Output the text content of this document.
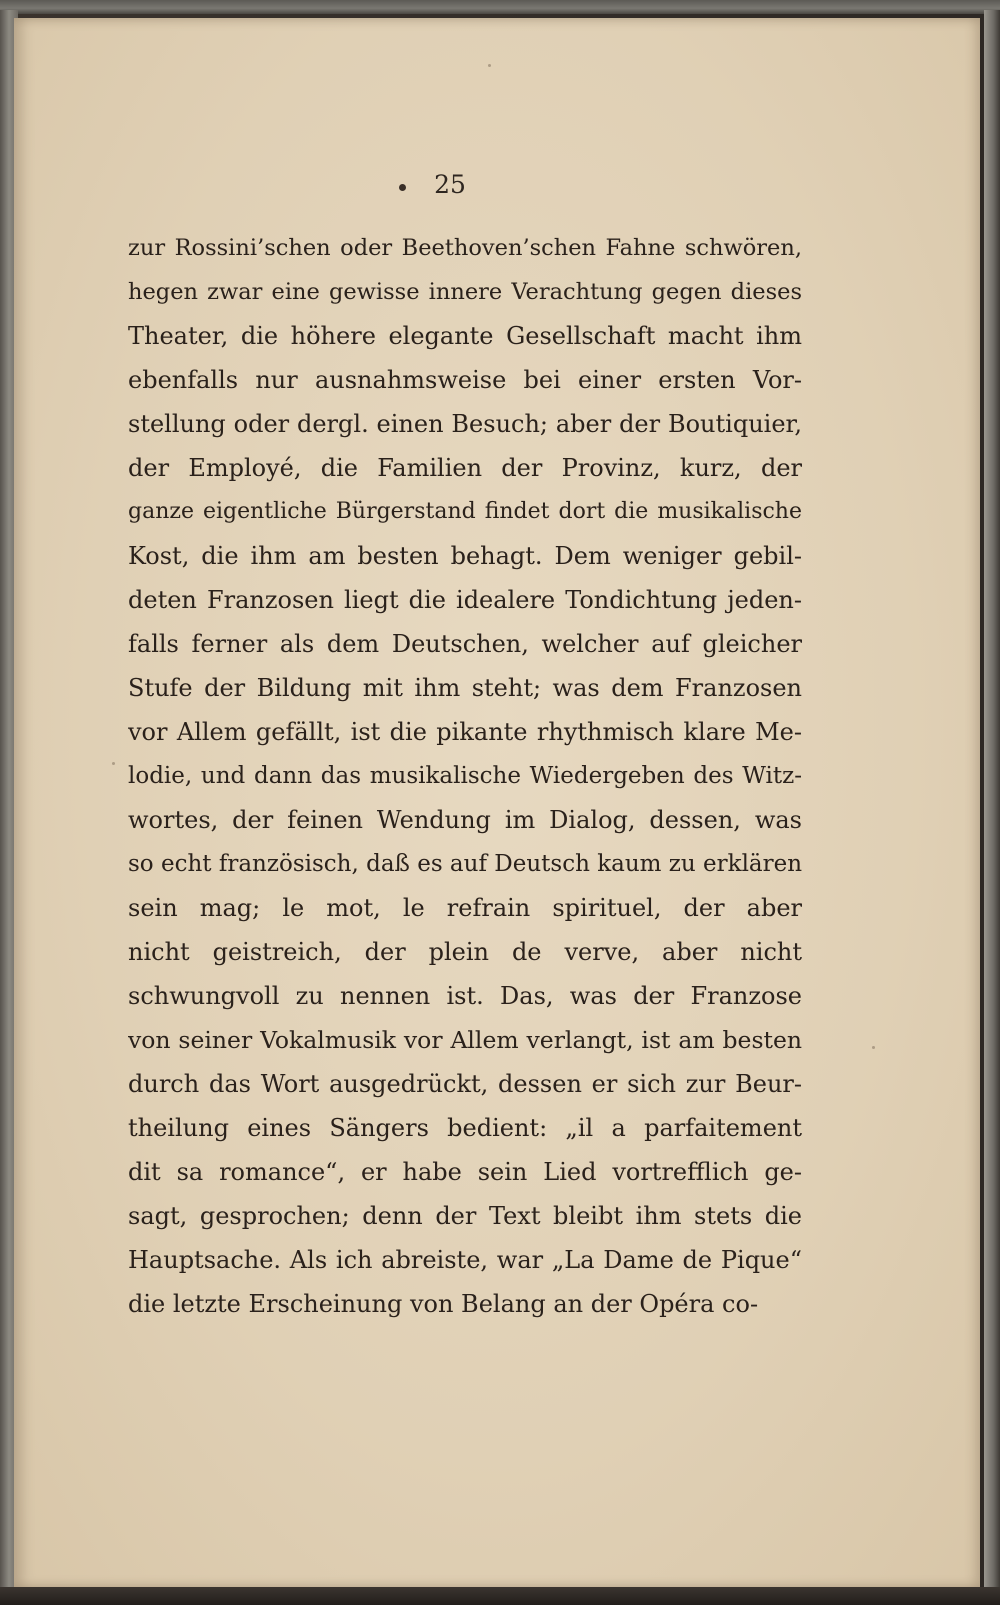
25
zur Rossini’schen oder Beethoven’schen Fahne schwören,
hegen zwar eine gewisse innere Verachtung gegen dieses
Theater, die höhere elegante Gesellschaft macht ihm
ebenfalls nur ausnahmsweise bei einer ersten Vor-
stellung oder dergl. einen Besuch; aber der Boutiquier,
der Employé, die Familien der Provinz, kurz, der
ganze eigentliche Bürgerstand findet dort die musikalische
Kost, die ihm am besten behagt. Dem weniger gebil-
deten Franzosen liegt die idealere Tondichtung jeden-
falls ferner als dem Deutschen, welcher auf gleicher
Stufe der Bildung mit ihm steht; was dem Franzosen
vor Allem gefällt, ist die pikante rhythmisch klare Me-
lodie, und dann das musikalische Wiedergeben des Witz-
wortes, der feinen Wendung im Dialog, dessen, was
so echt französisch, daß es auf Deutsch kaum zu erklären
sein mag; le mot, le refrain spirituel, der aber
nicht geistreich, der plein de verve, aber nicht
schwungvoll zu nennen ist. Das, was der Franzose
von seiner Vokalmusik vor Allem verlangt, ist am besten
durch das Wort ausgedrückt, dessen er sich zur Beur-
theilung eines Sängers bedient: „il a parfaitement
dit sa romance“, er habe sein Lied vortrefflich ge-
sagt, gesprochen; denn der Text bleibt ihm stets die
Hauptsache. Als ich abreiste, war „La Dame de Pique“
die letzte Erscheinung von Belang an der Opéra co-
